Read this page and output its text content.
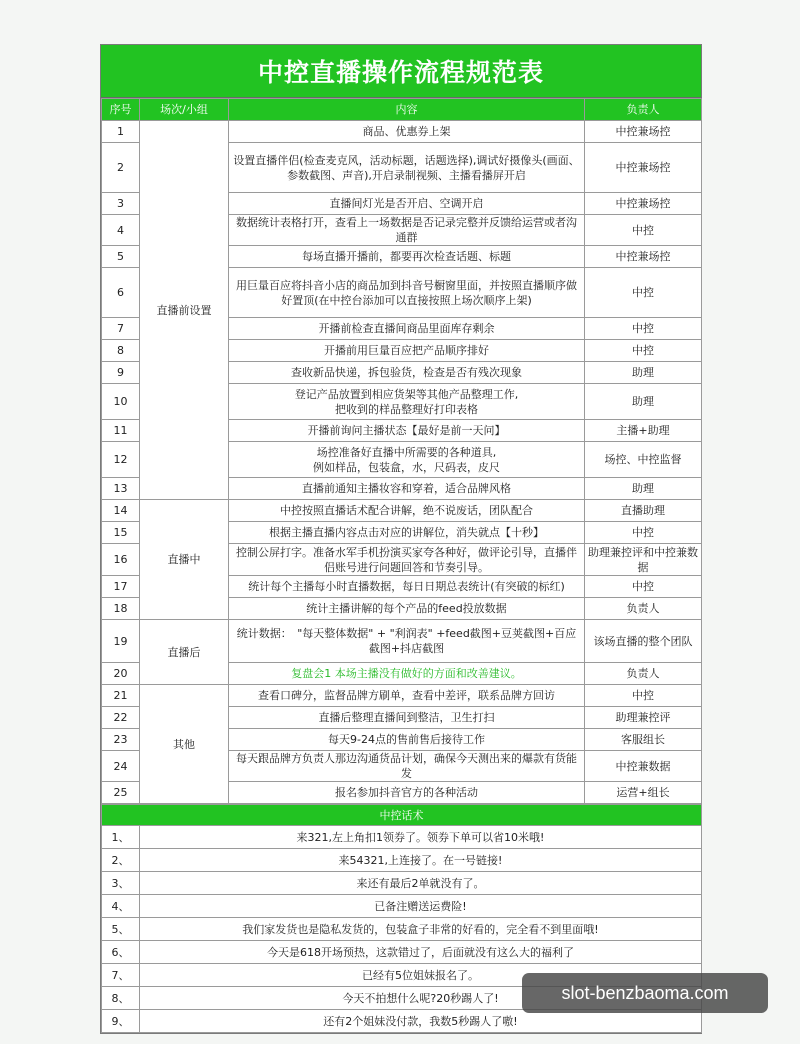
中控直播操作流程规范表
序号	场次/小组	内容	负责人
1	直播前设置	商品、优惠券上架	中控兼场控
2		设置直播伴侣(检查麦克风，活动标题，话题选择),调试好摄像头(画面、参数截图、声音),开启录制视频、主播看播屏开启	中控兼场控
3		直播间灯光是否开启、空调开启	中控兼场控
4		数据统计表格打开，查看上一场数据是否记录完整并反馈给运营或者沟通群	中控
5		每场直播开播前，都要再次检查话题、标题	中控兼场控
6		用巨量百应将抖音小店的商品加到抖音号橱窗里面，并按照直播顺序做好置顶(在中控台添加可以直接按照上场次顺序上架)	中控
7		开播前检查直播间商品里面库存剩余	中控
8		开播前用巨量百应把产品顺序排好	中控
9		查收新品快递，拆包验货，检查是否有残次现象	助理
10		登记产品放置到相应货架等其他产品整理工作,
把收到的样品整理好打印表格	助理
11		开播前询问主播状态【最好是前一天问】	主播+助理
12		场控准备好直播中所需要的各种道具,
例如样品，包装盒，水，尺码表，皮尺	场控、中控监督
13		直播前通知主播妆容和穿着，适合品牌风格	助理
14	直播中	中控按照直播话术配合讲解，绝不说废话，团队配合	直播助理
15		根据主播直播内容点击对应的讲解位，消失就点【十秒】	中控
16		控制公屏打字。准备水军手机扮演买家夸各种好，做评论引导，直播伴侣账号进行问题回答和节奏引导。	助理兼控评和中控兼数据
17		统计每个主播每小时直播数据，每日日期总表统计(有突破的标红)	中控
18		统计主播讲解的每个产品的feed投放数据	负责人
19	直播后	统计数据：　"每天整体数据" + "利润表" +feed截图+豆荚截图+百应截图+抖店截图	该场直播的整个团队
20		复盘会1 本场主播没有做好的方面和改善建议。	负责人
21	其他	查看口碑分，监督品牌方刷单，查看中差评，联系品牌方回访	中控
22		直播后整理直播间到整洁，卫生打扫	助理兼控评
23		每天9-24点的售前售后接待工作	客服组长
24		每天跟品牌方负责人那边沟通货品计划，确保今天测出来的爆款有货能发	中控兼数据
25		报名参加抖音官方的各种活动	运营+组长
中控话术	
1、	来321,左上角扣1领券了。领券下单可以省10米哦!
2、	来54321,上连接了。在一号链接!
3、	来还有最后2单就没有了。
4、	已备注赠送运费险!
5、	我们家发货也是隐私发货的，包装盒子非常的好看的，完全看不到里面哦!
6、	今天是618开场预热，这款错过了，后面就没有这么大的福利了
7、	已经有5位姐妹报名了。
8、	今天不拍想什么呢?20秒踢人了!
9、	还有2个姐妹没付款，我数5秒踢人了嗷!
slot-benzbaoma.com
